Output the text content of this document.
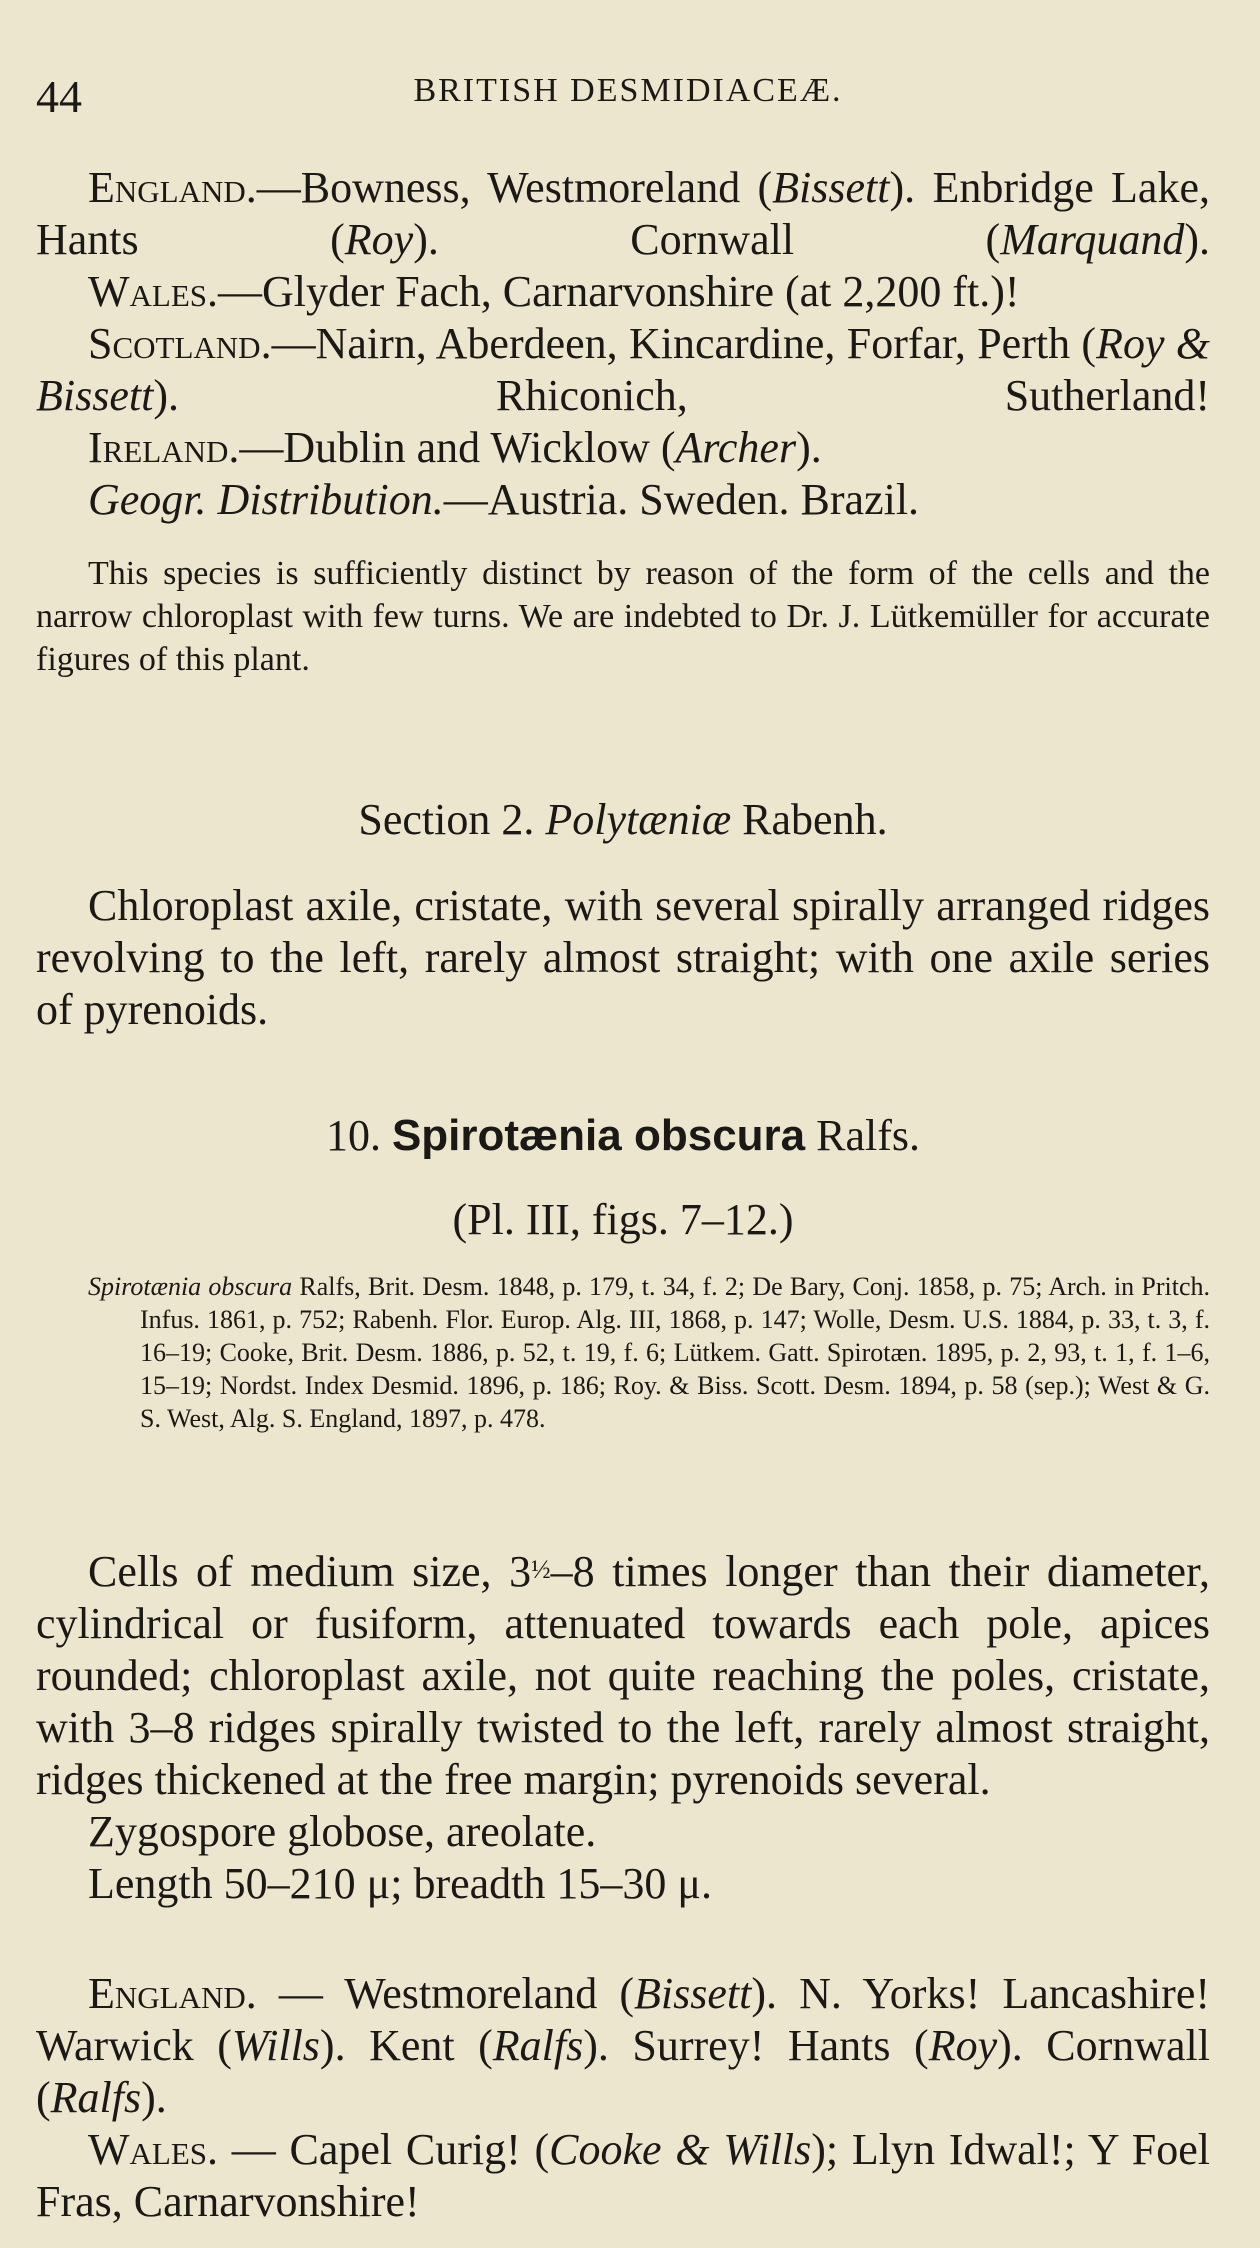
44	BRITISH DESMIDIACEÆ.

England.—Bowness, Westmoreland (Bissett). Enbridge Lake, Hants (Roy). Cornwall (Marquand).

Wales.—Glyder Fach, Carnarvonshire (at 2,200 ft.)!

Scotland.—Nairn, Aberdeen, Kincardine, Forfar, Perth (Roy & Bissett). Rhiconich, Sutherland!

Ireland.—Dublin and Wicklow (Archer).

Geogr. Distribution.—Austria. Sweden. Brazil.

This species is sufficiently distinct by reason of the form of the cells and the narrow chloroplast with few turns. We are indebted to Dr. J. Lütkemüller for accurate figures of this plant.

Section 2. Polytæniæ Rabenh.

Chloroplast axile, cristate, with several spirally arranged ridges revolving to the left, rarely almost straight; with one axile series of pyrenoids.

10. Spirotænia obscura Ralfs.
(Pl. III, figs. 7–12.)

Spirotænia obscura Ralfs, Brit. Desm. 1848, p. 179, t. 34, f. 2; De Bary, Conj. 1858, p. 75; Arch. in Pritch. Infus. 1861, p. 752; Rabenh. Flor. Europ. Alg. III, 1868, p. 147; Wolle, Desm. U.S. 1884, p. 33, t. 3, f. 16–19; Cooke, Brit. Desm. 1886, p. 52, t. 19, f. 6; Lütkem. Gatt. Spirotæn. 1895, p. 2, 93, t. 1, f. 1–6, 15–19; Nordst. Index Desmid. 1896, p. 186; Roy. & Biss. Scott. Desm. 1894, p. 58 (sep.); West & G. S. West, Alg. S. England, 1897, p. 478.

Cells of medium size, 3½–8 times longer than their diameter, cylindrical or fusiform, attenuated towards each pole, apices rounded; chloroplast axile, not quite reaching the poles, cristate, with 3–8 ridges spirally twisted to the left, rarely almost straight, ridges thickened at the free margin; pyrenoids several.

Zygospore globose, areolate.

Length 50–210 μ; breadth 15–30 μ.

England. — Westmoreland (Bissett). N. Yorks! Lancashire! Warwick (Wills). Kent (Ralfs). Surrey! Hants (Roy). Cornwall (Ralfs).

Wales. — Capel Curig! (Cooke & Wills); Llyn Idwal!; Y Foel Fras, Carnarvonshire!
